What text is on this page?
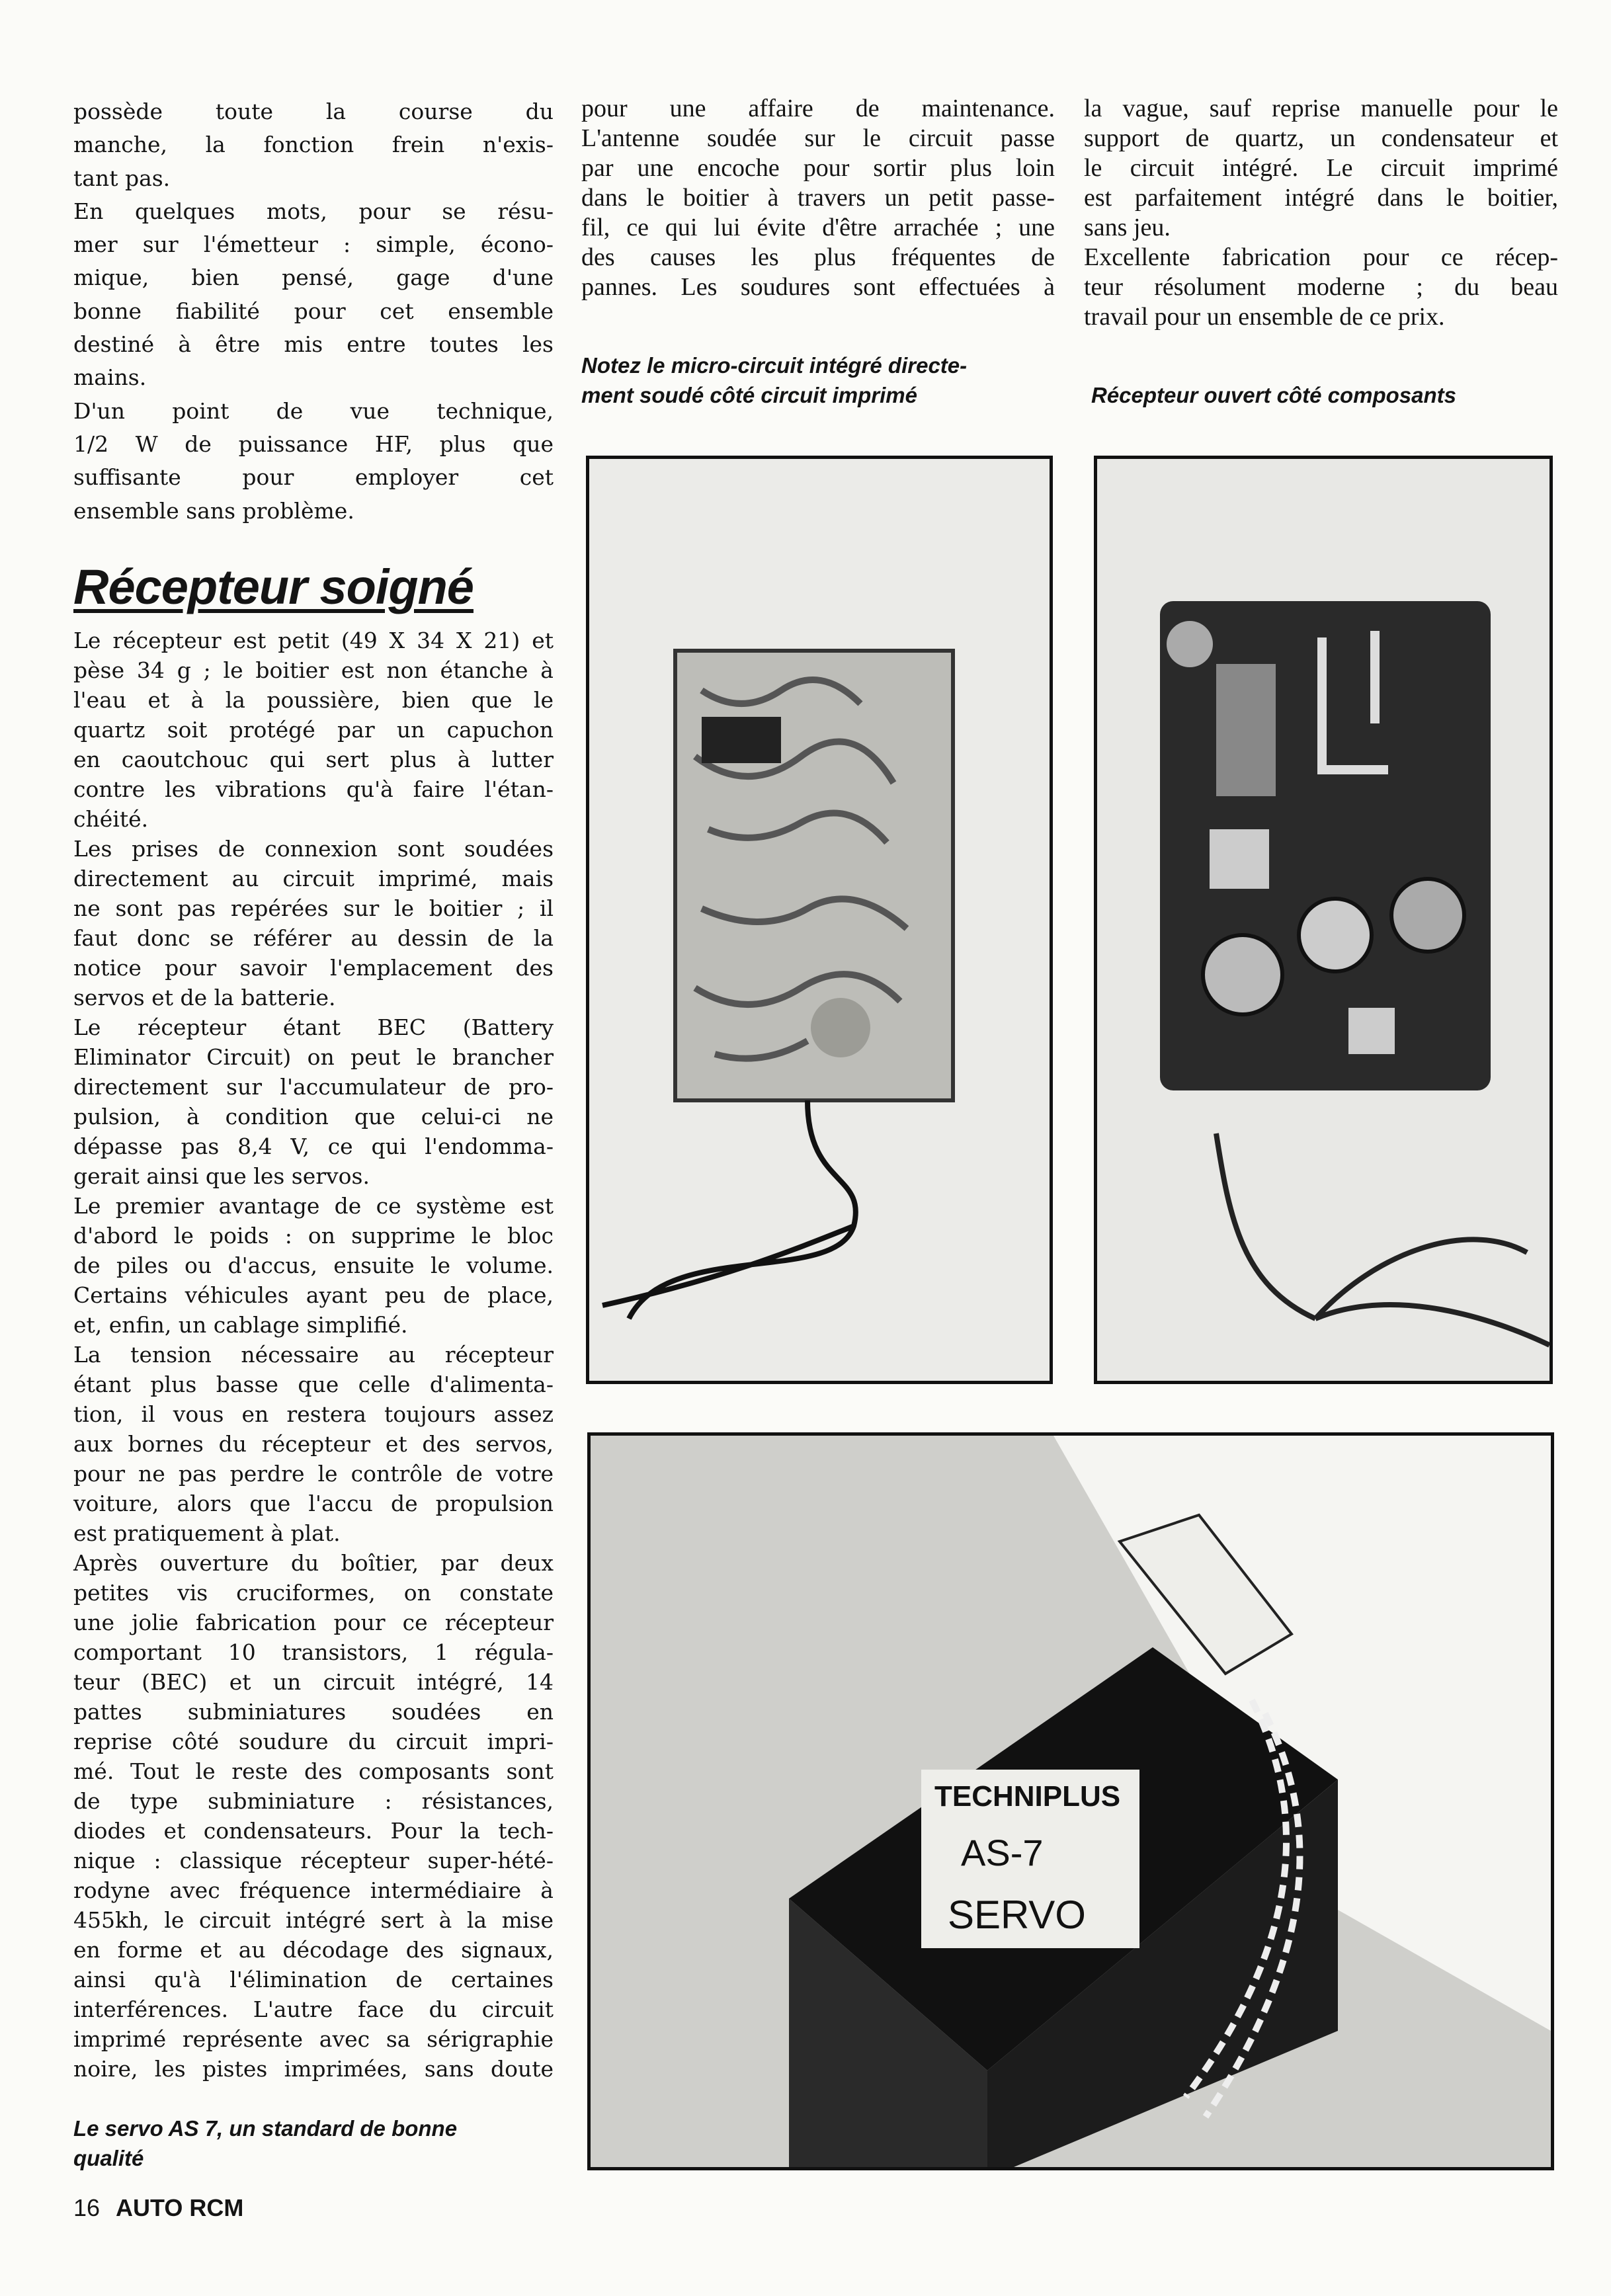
possède toute la course du
manche, la fonction frein n'exis-
tant pas.
En quelques mots, pour se résu-
mer sur l'émetteur : simple, écono-
mique, bien pensé, gage d'une
bonne fiabilité pour cet ensemble
destiné à être mis entre toutes les
mains.
D'un point de vue technique,
1/2 W de puissance HF, plus que
suffisante pour employer cet
ensemble sans problème.
Récepteur soigné
Le récepteur est petit (49 X 34 X 21) et
pèse 34 g ; le boitier est non étanche à
l'eau et à la poussière, bien que le
quartz soit protégé par un capuchon
en caoutchouc qui sert plus à lutter
contre les vibrations qu'à faire l'étan-
chéité.
Les prises de connexion sont soudées
directement au circuit imprimé, mais
ne sont pas repérées sur le boitier ; il
faut donc se référer au dessin de la
notice pour savoir l'emplacement des
servos et de la batterie.
Le récepteur étant BEC (Battery
Eliminator Circuit) on peut le brancher
directement sur l'accumulateur de pro-
pulsion, à condition que celui-ci ne
dépasse pas 8,4 V, ce qui l'endomma-
gerait ainsi que les servos.
Le premier avantage de ce système est
d'abord le poids : on supprime le bloc
de piles ou d'accus, ensuite le volume.
Certains véhicules ayant peu de place,
et, enfin, un cablage simplifié.
La tension nécessaire au récepteur
étant plus basse que celle d'alimenta-
tion, il vous en restera toujours assez
aux bornes du récepteur et des servos,
pour ne pas perdre le contrôle de votre
voiture, alors que l'accu de propulsion
est pratiquement à plat.
Après ouverture du boîtier, par deux
petites vis cruciformes, on constate
une jolie fabrication pour ce récepteur
comportant 10 transistors, 1 régula-
teur (BEC) et un circuit intégré, 14
pattes subminiatures soudées en
reprise côté soudure du circuit impri-
mé. Tout le reste des composants sont
de type subminiature : résistances,
diodes et condensateurs. Pour la tech-
nique : classique récepteur super-hété-
rodyne avec fréquence intermédiaire à
455kh, le circuit intégré sert à la mise
en forme et au décodage des signaux,
ainsi qu'à l'élimination de certaines
interférences. L'autre face du circuit
imprimé représente avec sa sérigraphie
noire, les pistes imprimées, sans doute
pour une affaire de maintenance.
L'antenne soudée sur le circuit passe
par une encoche pour sortir plus loin
dans le boitier à travers un petit passe-
fil, ce qui lui évite d'être arrachée ; une
des causes les plus fréquentes de
pannes. Les soudures sont effectuées à
la vague, sauf reprise manuelle pour le
support de quartz, un condensateur et
le circuit intégré. Le circuit imprimé
est parfaitement intégré dans le boitier,
sans jeu.
Excellente fabrication pour ce récep-
teur résolument moderne ; du beau
travail pour un ensemble de ce prix.
Notez le micro-circuit intégré directe-
ment soudé côté circuit imprimé	Récepteur ouvert côté composants
Le servo AS 7, un standard de bonne
qualité
TECHNIPLUS
AS-7
SERVO
16 AUTO RCM
